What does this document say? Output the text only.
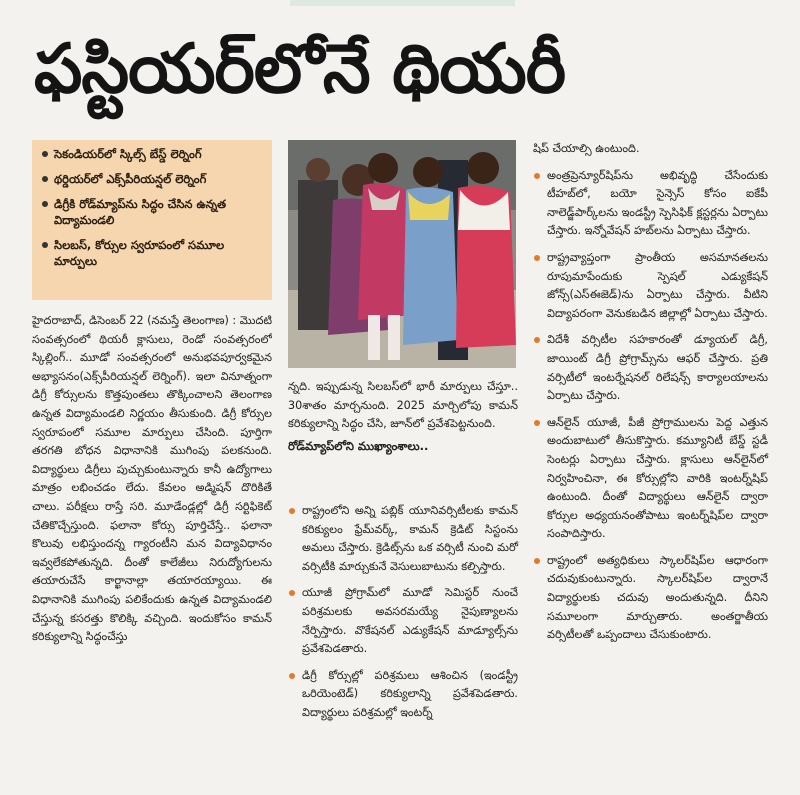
ఫస్టియర్‌లోనే థియరీ
సెకండియర్‌లో స్కిల్స్ బేస్డ్ లెర్నింగ్
థర్డియర్‌లో ఎక్స్‌పీరియన్షల్ లెర్నింగ్
డిగ్రీకి రోడ్‌మ్యాప్‌ను సిద్ధం చేసిన ఉన్నత విద్యామండలి
సిలబస్, కోర్సుల స్వరూపంలో సమూల మార్పులు
హైదరాబాద్, డిసెంబర్ 22 (నమస్తే తెలంగాణ) : మొదటి సంవత్సరంలో థియరీ క్లాసులు, రెండో సంవత్సరంలో స్కిల్లింగ్.. మూడో సంవత్సరంలో అనుభవపూర్వకమైన అభ్యాసనం(ఎక్స్‌పీరియన్షల్ లెర్నింగ్). ఇలా వినూత్నంగా డిగ్రీ కోర్సులను కొత్తపుంతలు తొక్కించాలని తెలంగాణ ఉన్నత విద్యామండలి నిర్ణయం తీసుకుంది. డిగ్రీ కోర్సుల స్వరూపంలో సమూల మార్పులు చేసింది. పూర్తిగా తరగతి బోధన విధానానికి ముగింపు పలకనుంది. విద్యార్థులు డిగ్రీలు పుచ్చుకుంటున్నారు కానీ ఉద్యోగాలు మాత్రం లభించడం లేదు. కేవలం అడ్మిషన్ దొరికితే చాలు. పరీక్షలు రాస్తే సరి. మూడేండ్లల్లో డిగ్రీ సర్టిఫికెట్ చేతికొచ్చేస్తుంది. ఫలానా కోర్సు పూర్తిచేస్తే.. ఫలానా కొలువు లభిస్తుందన్న గ్యారంటీని మన విద్యావిధానం ఇవ్వలేకపోతున్నది. దీంతో కాలేజీలు నిరుద్యోగులను తయారుచేసే కార్ఖానాల్లా తయారయ్యాయి. ఈ విధానానికి ముగింపు పలికేందుకు ఉన్నత విద్యామండలి చేస్తున్న కసరత్తు కొలిక్కి వచ్చింది. ఇందుకోసం కామన్ కరిక్యులాన్ని సిద్ధంచేస్తు
న్నది. ఇప్పుడున్న సిలబస్‌లో భారీ మార్పులు చేస్తూ.. 30శాతం మార్చనుంది. 2025 మార్చిలోపు కామన్ కరిక్యులాన్ని సిద్ధం చేసి, జూన్‌లో ప్రవేశపెట్టనుంది.
రోడ్‌మ్యాప్‌లోని ముఖ్యాంశాలు..
రాష్ట్రంలోని అన్ని పబ్లిక్ యూనివర్సిటీలకు కామన్ కరిక్యులం ఫ్రేమ్‌వర్క్, కామన్ క్రెడిట్ సిస్టంను అమలు చేస్తారు. క్రెడిట్స్‌ను ఒక వర్సిటీ నుంచి మరో వర్సిటీకి మార్చుకునే వెసులుబాటును కల్పిస్తారు.
యూజీ ప్రోగ్రామ్‌లో మూడో సెమిస్టర్ నుంచే పరిశ్రమలకు అవసరమయ్యే నైపుణ్యాలను నేర్పిస్తారు. వొకేషనల్ ఎడ్యుకేషన్ మాడ్యూల్స్‌ను ప్రవేశపెడతారు.
డిగ్రీ కోర్సుల్లో పరిశ్రమలు ఆశించిన (ఇండస్ట్రీ ఒరియెంటెడ్) కరిక్యులాన్ని ప్రవేశపెడతారు. విద్యార్థులు పరిశ్రమల్లో ఇంటర్న్
షిప్ చేయాల్సి ఉంటుంది.
అంత్రప్రెన్యూర్‌షిప్‌ను అభివృద్ధి చేసేందుకు టీహబ్‌లో, బయో సైన్సెస్ కోసం ఐకేపీ నాలెడ్జ్‌పార్క్‌లను ఇండస్ట్రీ స్పెసిఫిక్ క్లస్టర్లను ఏర్పాటు చేస్తారు. ఇన్నోవేషన్ హబ్‌లను ఏర్పాటు చేస్తారు.
రాష్ట్రవ్యాప్తంగా ప్రాంతీయ అసమానతలను రూపుమాపేందుకు స్పెషల్ ఎడ్యుకేషన్ జోన్స్‌(ఎస్‌ఈజెడ్)ను ఏర్పాటు చేస్తారు. వీటిని విద్యాపరంగా వెనుకబడిన జిల్లాల్లో ఏర్పాటు చేస్తారు.
విదేశీ వర్సిటీల సహకారంతో డ్యూయల్ డిగ్రీ, జాయింట్ డిగ్రీ ప్రోగ్రామ్స్‌ను ఆఫర్ చేస్తారు. ప్రతి వర్సిటీలో ఇంటర్నేషనల్ రిలేషన్స్ కార్యాలయాలను ఏర్పాటు చేస్తారు.
ఆన్‌లైన్ యూజీ, పీజీ ప్రోగ్రాములను పెద్ద ఎత్తున అందుబాటులో తీసుకొస్తారు. కమ్యూనిటీ బేస్డ్ స్టడీ సెంటర్లు ఏర్పాటు చేస్తారు. క్లాసులు ఆన్‌లైన్‌లో నిర్వహించినా, ఈ కోర్సుల్లోని వారికి ఇంటర్న్‌షిప్ ఉంటుంది. దీంతో విద్యార్థులు ఆన్‌లైన్ ద్వారా కోర్సుల అధ్యయనంతోపాటు ఇంటర్న్‌షిప్‌ల ద్వారా సంపాదిస్తారు.
రాష్ట్రంలో అత్యధికులు స్కాలర్‌షిప్‌ల ఆధారంగా చదువుకుంటున్నారు. స్కాలర్‌షిప్‌ల ద్వారానే విద్యార్థులకు చదువు అందుతున్నది. దీనిని సమూలంగా మార్చుతారు. అంతర్జాతీయ వర్సిటీలతో ఒప్పందాలు చేసుకుంటారు.
